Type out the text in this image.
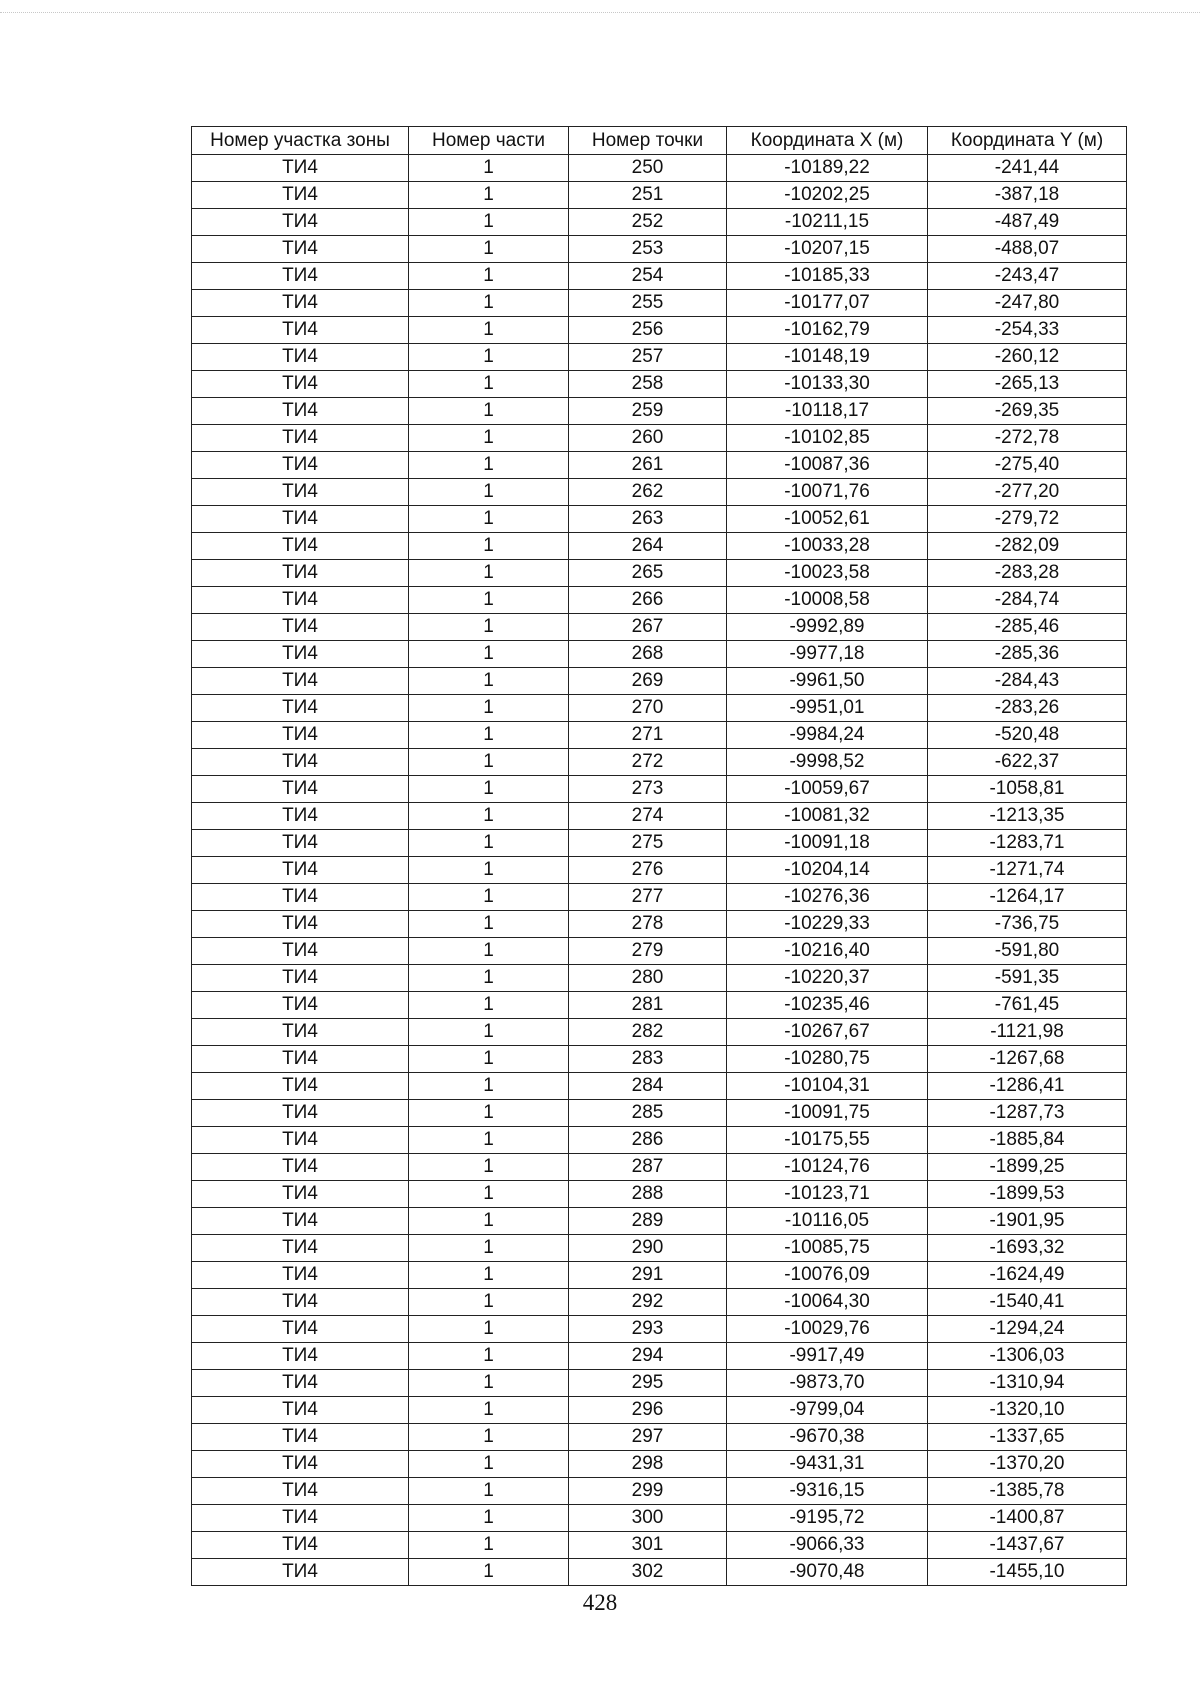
Номер участка зоны	Номер части	Номер точки	Координата X (м)	Координата Y (м)
ТИ4	1	250	-10189,22	-241,44
ТИ4	1	251	-10202,25	-387,18
ТИ4	1	252	-10211,15	-487,49
ТИ4	1	253	-10207,15	-488,07
ТИ4	1	254	-10185,33	-243,47
ТИ4	1	255	-10177,07	-247,80
ТИ4	1	256	-10162,79	-254,33
ТИ4	1	257	-10148,19	-260,12
ТИ4	1	258	-10133,30	-265,13
ТИ4	1	259	-10118,17	-269,35
ТИ4	1	260	-10102,85	-272,78
ТИ4	1	261	-10087,36	-275,40
ТИ4	1	262	-10071,76	-277,20
ТИ4	1	263	-10052,61	-279,72
ТИ4	1	264	-10033,28	-282,09
ТИ4	1	265	-10023,58	-283,28
ТИ4	1	266	-10008,58	-284,74
ТИ4	1	267	-9992,89	-285,46
ТИ4	1	268	-9977,18	-285,36
ТИ4	1	269	-9961,50	-284,43
ТИ4	1	270	-9951,01	-283,26
ТИ4	1	271	-9984,24	-520,48
ТИ4	1	272	-9998,52	-622,37
ТИ4	1	273	-10059,67	-1058,81
ТИ4	1	274	-10081,32	-1213,35
ТИ4	1	275	-10091,18	-1283,71
ТИ4	1	276	-10204,14	-1271,74
ТИ4	1	277	-10276,36	-1264,17
ТИ4	1	278	-10229,33	-736,75
ТИ4	1	279	-10216,40	-591,80
ТИ4	1	280	-10220,37	-591,35
ТИ4	1	281	-10235,46	-761,45
ТИ4	1	282	-10267,67	-1121,98
ТИ4	1	283	-10280,75	-1267,68
ТИ4	1	284	-10104,31	-1286,41
ТИ4	1	285	-10091,75	-1287,73
ТИ4	1	286	-10175,55	-1885,84
ТИ4	1	287	-10124,76	-1899,25
ТИ4	1	288	-10123,71	-1899,53
ТИ4	1	289	-10116,05	-1901,95
ТИ4	1	290	-10085,75	-1693,32
ТИ4	1	291	-10076,09	-1624,49
ТИ4	1	292	-10064,30	-1540,41
ТИ4	1	293	-10029,76	-1294,24
ТИ4	1	294	-9917,49	-1306,03
ТИ4	1	295	-9873,70	-1310,94
ТИ4	1	296	-9799,04	-1320,10
ТИ4	1	297	-9670,38	-1337,65
ТИ4	1	298	-9431,31	-1370,20
ТИ4	1	299	-9316,15	-1385,78
ТИ4	1	300	-9195,72	-1400,87
ТИ4	1	301	-9066,33	-1437,67
ТИ4	1	302	-9070,48	-1455,10
428
